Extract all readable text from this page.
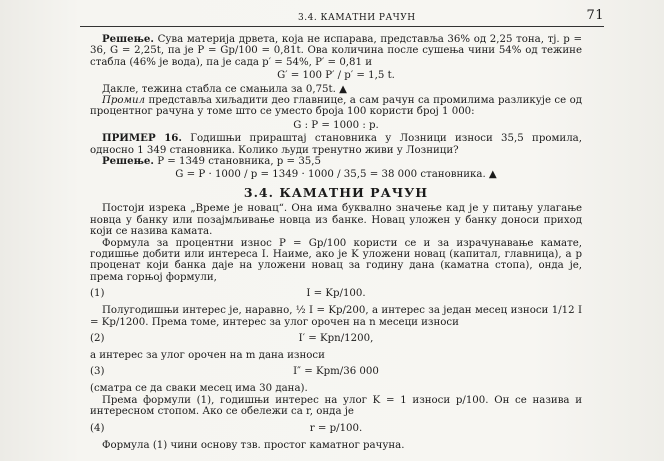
3.4. КАМАТНИ РАЧУН	71

Решење. Сува материја дрвета, која не испарава, представља 36% од 2,25 тона, тј. p = 36, G = 2,25t, па је P = Gp/100 = 0,81t. Ова количина после сушења чини 54% од тежине стабла (46% је вода), па је сада p′ = 54%, P′ = 0,81 и

G′ = 100 P′ / p′ = 1,5 t.

Дакле, тежина стабла се смањила за 0,75t. ▲

Промил представља хиљадити део главнице, а сам рачун са промилима разликује се од процентног рачуна у томе што се уместо броја 100 користи број 1 000:

G : P = 1000 : p.

ПРИМЕР 16. Годишњи прираштај становника у Лозници износи 35,5 промила, односно 1 349 становника. Колико људи тренутно живи у Лозници?

Решење. P = 1349 становника, p = 35,5

G = P · 1000 / p = 1349 · 1000 / 35,5 = 38 000 становника. ▲

3.4. КАМАТНИ РАЧУН

Постоји изрека „Време је новац“. Она има буквално значење кад је у питању улагање новца у банку или позајмљивање новца из банке. Новац уложен у банку доноси приход који се назива камата.

Формула за процентни износ P = Gp/100 користи се и за израчунавање камате, годишње добити или интереса I. Наиме, ако је K уложени новац (капитал, главница), а p проценат који банка даје на уложени новац за годину дана (каматна стопа), онда је, према горњој формули,

(1)	I = Kp/100.

Полугодишњи интерес је, наравно, ½ I = Kp/200, а интерес за један месец износи 1/12 I = Kp/1200. Према томе, интерес за улог орочен на n месеци износи

(2)	I′ = Kpn/1200,

а интерес за улог орочен на m дана износи

(3)	I″ = Kpm/36 000

(сматра се да сваки месец има 30 дана).

Према формули (1), годишњи интерес на улог K = 1 износи p/100. Он се назива и интересном стопом. Ако се обележи са r, онда је

(4)	r = p/100.

Формула (1) чини основу тзв. простог каматног рачуна.
